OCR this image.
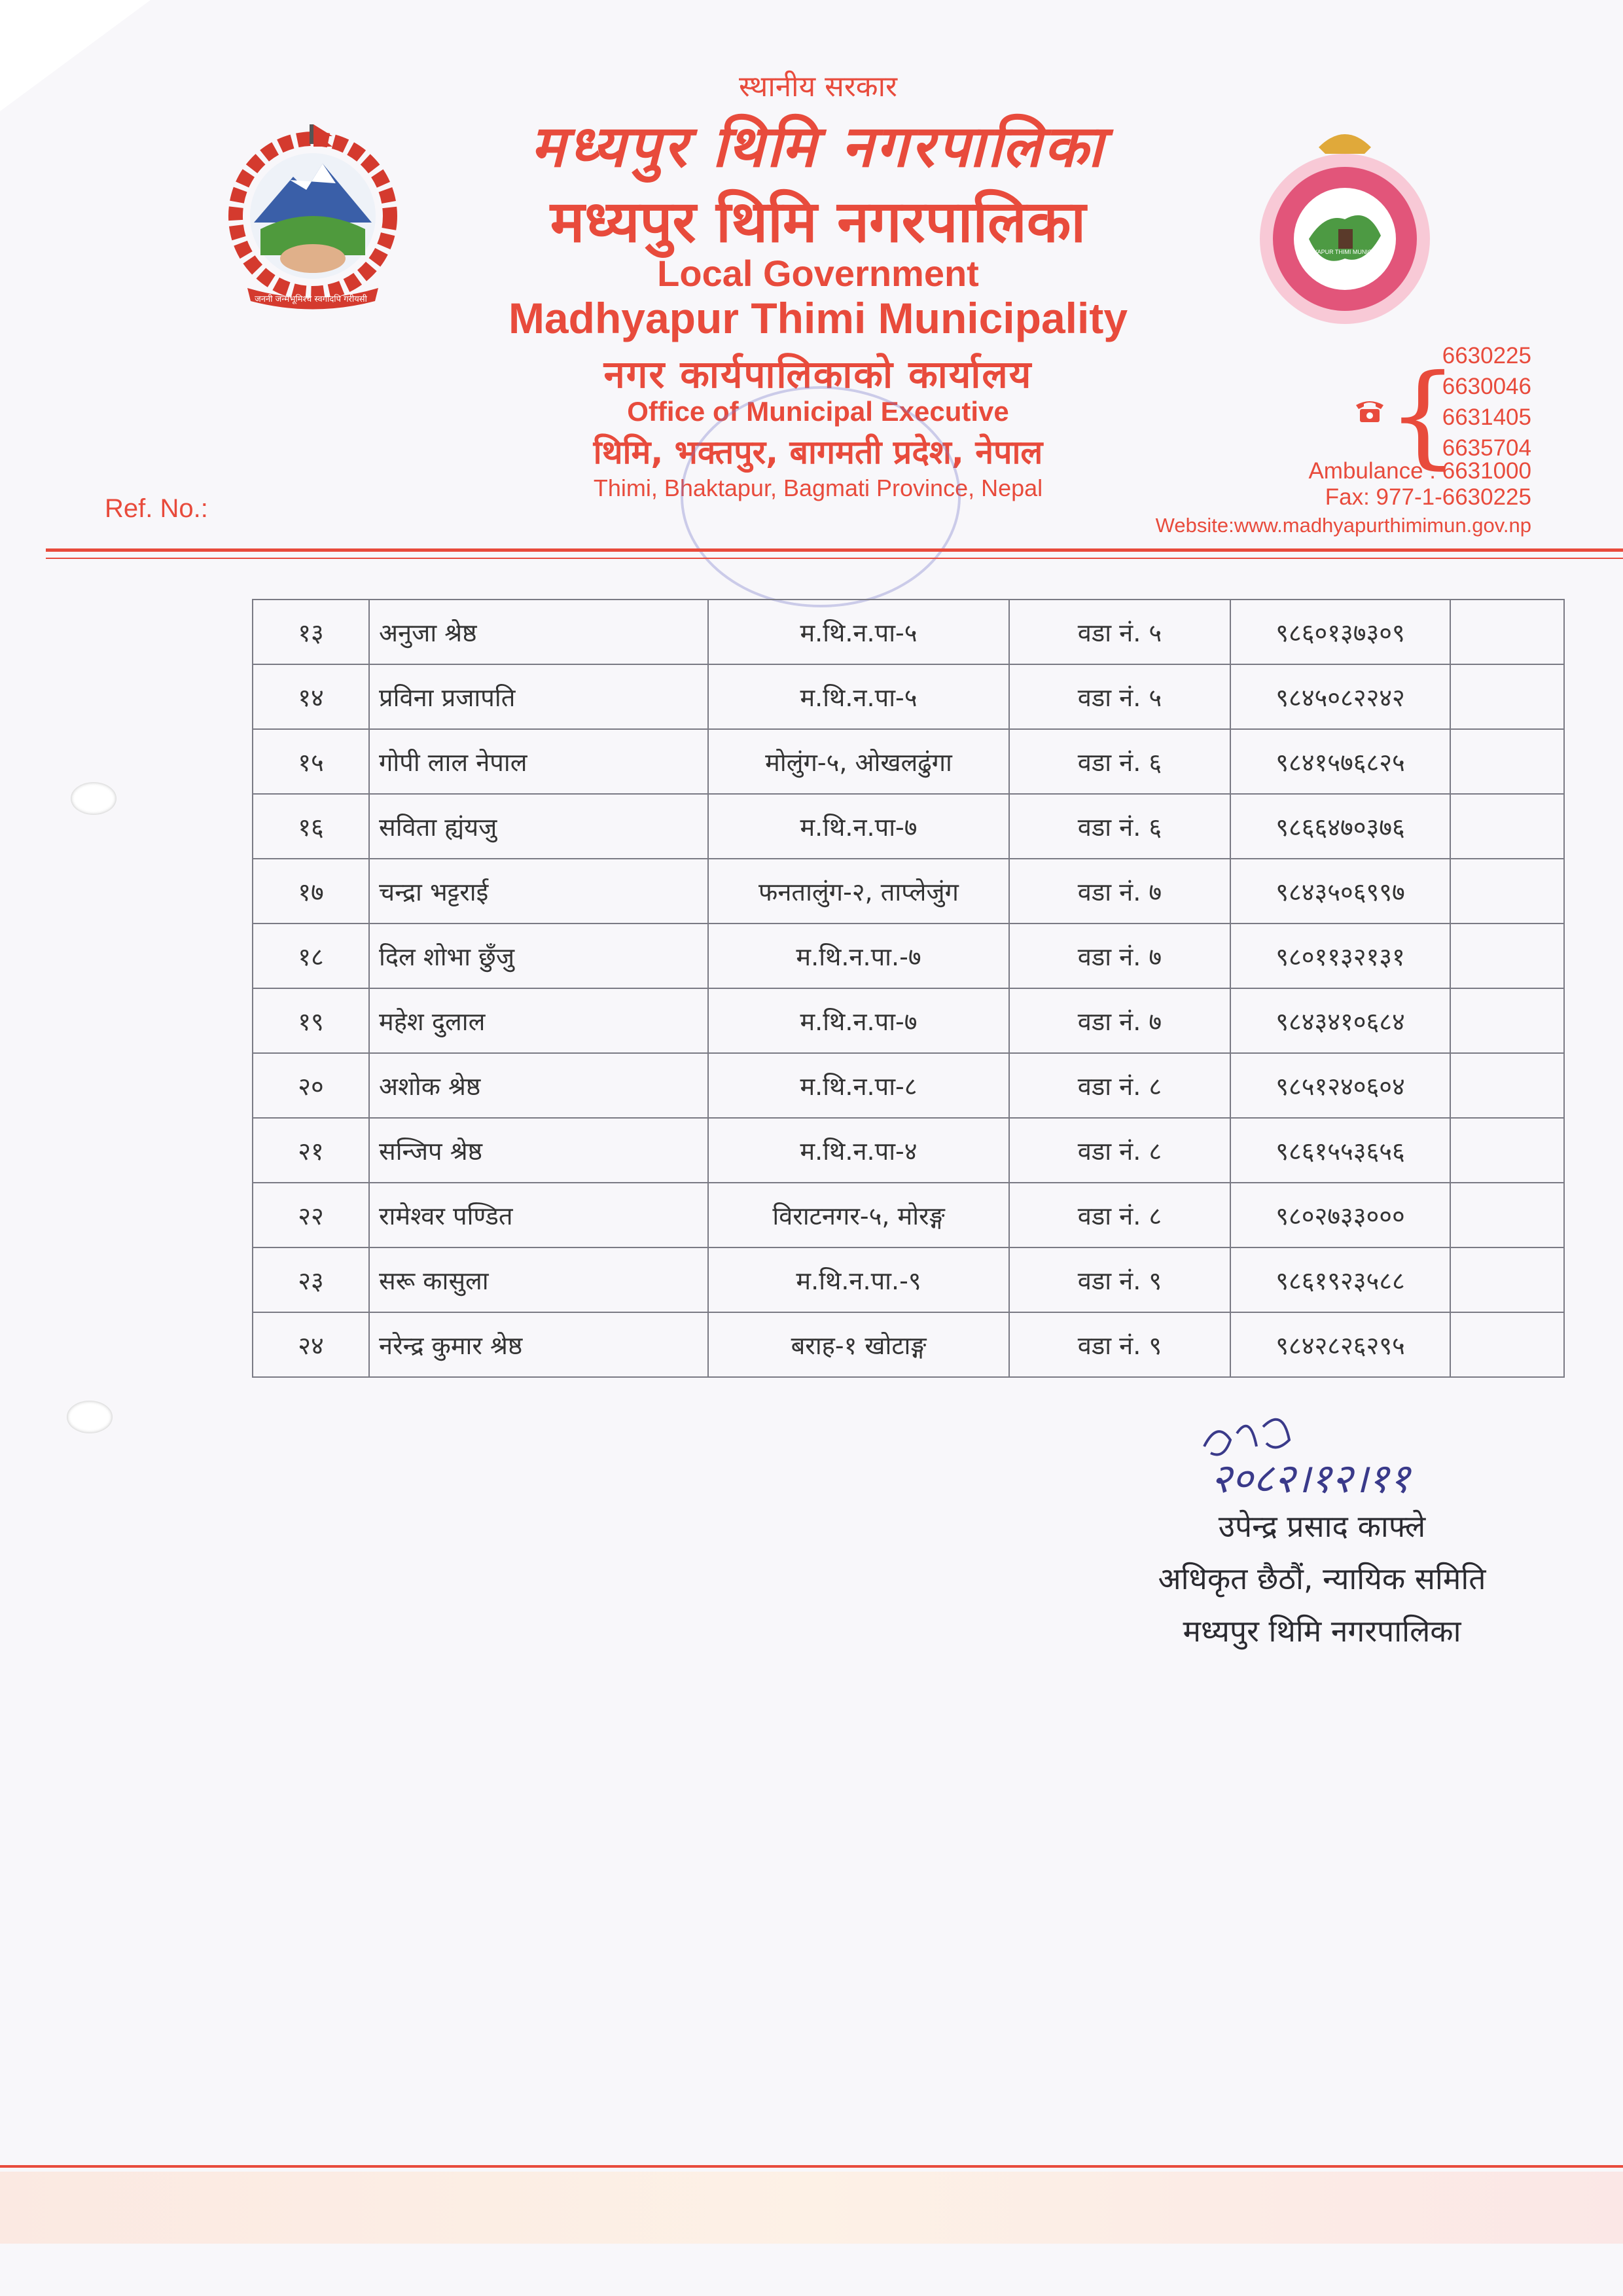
जननी जन्मभूमिश्च स्वर्गादपि गरीयसी
स्थानीय सरकार
मध्यपुर थिमि नगरपालिका
मध्यपुर थिमि नगरपालिका
Local Government
Madhyapur Thimi Municipality
नगर कार्यपालिकाको कार्यालय
Office of Municipal Executive
थिमि, भक्तपुर, बागमती प्रदेश, नेपाल
Thimi, Bhaktapur, Bagmati Province, Nepal
मध्यपुर थिमि नगरपालिका
MADHYAPUR THIMI MUNICIPALITY
6630225
6630046
6631405
6635704
{
Ambulance : 6631000
Fax: 977-1-6630225
Website:www.madhyapurthimimun.gov.np
Ref. No.:
१३	अनुजा श्रेष्ठ	म.थि.न.पा-५	वडा नं. ५	९८६०१३७३०९	
१४	प्रविना प्रजापति	म.थि.न.पा-५	वडा नं. ५	९८४५०८२२४२	
१५	गोपी लाल नेपाल	मोलुंग-५, ओखलढुंगा	वडा नं. ६	९८४१५७६८२५	
१६	सविता ह्यंयजु	म.थि.न.पा-७	वडा नं. ६	९८६६४७०३७६	
१७	चन्द्रा भट्टराई	फनतालुंग-२, ताप्लेजुंग	वडा नं. ७	९८४३५०६९९७	
१८	दिल शोभा छुँजु	म.थि.न.पा.-७	वडा नं. ७	९८०११३२१३१	
१९	महेश दुलाल	म.थि.न.पा-७	वडा नं. ७	९८४३४१०६८४	
२०	अशोक श्रेष्ठ	म.थि.न.पा-८	वडा नं. ८	९८५१२४०६०४	
२१	सन्जिप श्रेष्ठ	म.थि.न.पा-४	वडा नं. ८	९८६१५५३६५६	
२२	रामेश्वर पण्डित	विराटनगर-५, मोरङ्ग	वडा नं. ८	९८०२७३३०००	
२३	सरू कासुला	म.थि.न.पा.-९	वडा नं. ९	९८६१९२३५८८	
२४	नरेन्द्र कुमार श्रेष्ठ	बराह-१ खोटाङ्ग	वडा नं. ९	९८४२८२६२९५	
२०८२।१२।११
उपेन्द्र प्रसाद काफ्ले
अधिकृत छैठौं, न्यायिक समिति
मध्यपुर थिमि नगरपालिका
